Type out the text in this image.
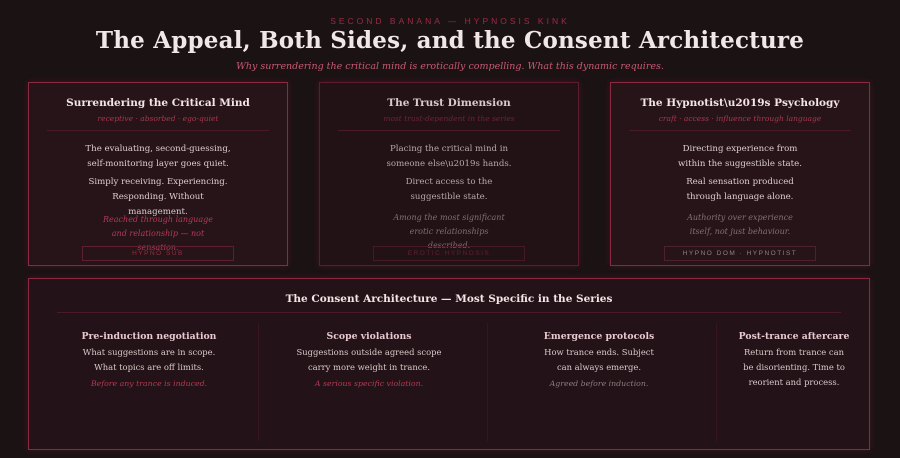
SECOND BANANA — HYPNOSIS KINK
The Appeal, Both Sides, and the Consent Architecture
Why surrendering the critical mind is erotically compelling. What this dynamic requires.
Surrendering the Critical Mind
receptive · absorbed · ego-quiet

The evaluating, second-guessing, self-monitoring layer goes quiet.

Simply receiving. Experiencing. Responding. Without management.

Reached through language and relationship — not sensation.
HYPNO SUB
The Trust Dimension
most trust-dependent in the series

Placing the critical mind in someone else\u2019s hands.

Direct access to the suggestible state.

Among the most significant erotic relationships described.
EROTIC HYPNOSIS
The Hypnotist\u2019s Psychology
craft · access · influence through language

Directing experience from within the suggestible state.

Real sensation produced through language alone.

Authority over experience itself, not just behaviour.
HYPNO DOM · HYPNOTIST
The Consent Architecture — Most Specific in the Series
Pre-induction negotiation
What suggestions are in scope.
What topics are off limits.
Before any trance is induced.
Scope violations
Suggestions outside agreed scope
carry more weight in trance.
A serious specific violation.
Emergence protocols
How trance ends. Subject
can always emerge.
Agreed before induction.
Post-trance aftercare
Return from trance can
be disorienting. Time to
reorient and process.
